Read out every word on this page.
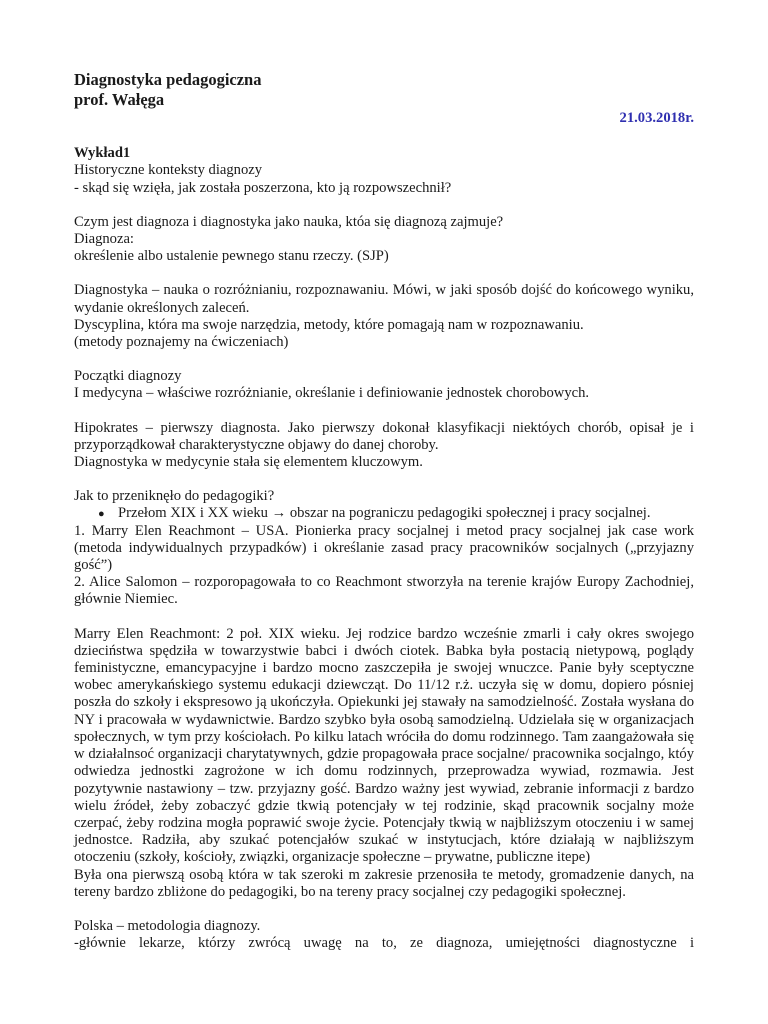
Diagnostyka pedagogiczna
prof. Wałęga
21.03.2018r.

Wykład1

Historyczne konteksty diagnozy

- skąd się wzięła, jak została poszerzona, kto ją rozpowszechnił?

Czym jest diagnoza i diagnostyka jako nauka, któa się diagnozą zajmuje?

Diagnoza:

określenie albo ustalenie pewnego stanu rzeczy. (SJP)

Diagnostyka – nauka o rozróżnianiu, rozpoznawaniu. Mówi, w jaki sposób dojść do końcowego wyniku, wydanie określonych zaleceń.

Dyscyplina, która ma swoje narzędzia, metody, które pomagają nam w rozpoznawaniu.

(metody poznajemy na ćwiczeniach)

Początki diagnozy

I medycyna – właściwe rozróżnianie, określanie i definiowanie jednostek chorobowych.

Hipokrates – pierwszy diagnosta. Jako pierwszy dokonał klasyfikacji niektóych chorób, opisał je i przyporządkował charakterystyczne objawy do danej choroby.

Diagnostyka w medycynie stała się elementem kluczowym.

Jak to przeniknęło do pedagogiki?

● Przełom XIX i XX wieku → obszar na pograniczu pedagogiki społecznej i pracy socjalnej.

1. Marry Elen Reachmont – USA. Pionierka pracy socjalnej i metod pracy socjalnej jak case work (metoda indywidualnych przypadków) i określanie zasad pracy pracowników socjalnych („przyjazny gość”)

2. Alice Salomon – rozporopagowała to co Reachmont stworzyła na terenie krajów Europy Zachodniej, głównie Niemiec.

Marry Elen Reachmont: 2 poł. XIX wieku. Jej rodzice bardzo wcześnie zmarli i cały okres swojego dzieciństwa spędziła w towarzystwie babci i dwóch ciotek. Babka była postacią nietypową, poglądy feministyczne, emancypacyjne i bardzo mocno zaszczepiła je swojej wnuczce. Panie były sceptyczne wobec amerykańskiego systemu edukacji dziewcząt. Do 11/12 r.ż. uczyła się w domu, dopiero pósniej poszła do szkoły i ekspresowo ją ukończyła. Opiekunki jej stawały na samodzielność. Została wysłana do NY i pracowała w wydawnictwie. Bardzo szybko była osobą samodzielną. Udzielała się w organizacjach społecznych, w tym przy kościołach. Po kilku latach wróciła do domu rodzinnego. Tam zaangażowała się w działalnsoć organizacji charytatywnych, gdzie propagowała prace socjalne/ pracownika socjalngo, któy odwiedza jednostki zagrożone w ich domu rodzinnych, przeprowadza wywiad, rozmawia. Jest pozytywnie nastawiony – tzw. przyjazny gość. Bardzo ważny jest wywiad, zebranie informacji z bardzo wielu źródeł, żeby zobaczyć gdzie tkwią potencjały w tej rodzinie, skąd pracownik socjalny może czerpać, żeby rodzina mogła poprawić swoje życie. Potencjały tkwią w najbliższym otoczeniu i w samej jednostce. Radziła, aby szukać potencjałów szukać w instytucjach, które działają w najbliższym otoczeniu (szkoły, kościoły, związki, organizacje społeczne – prywatne, publiczne itepe)

Była ona pierwszą osobą która w tak szeroki m zakresie przenosiła te metody, gromadzenie danych, na tereny bardzo zbliżone do pedagogiki, bo na tereny pracy socjalnej czy pedagogiki społecznej.

Polska – metodologia diagnozy.

-głównie lekarze, którzy zwrócą uwagę na to, ze diagnoza, umiejętności diagnostyczne i
